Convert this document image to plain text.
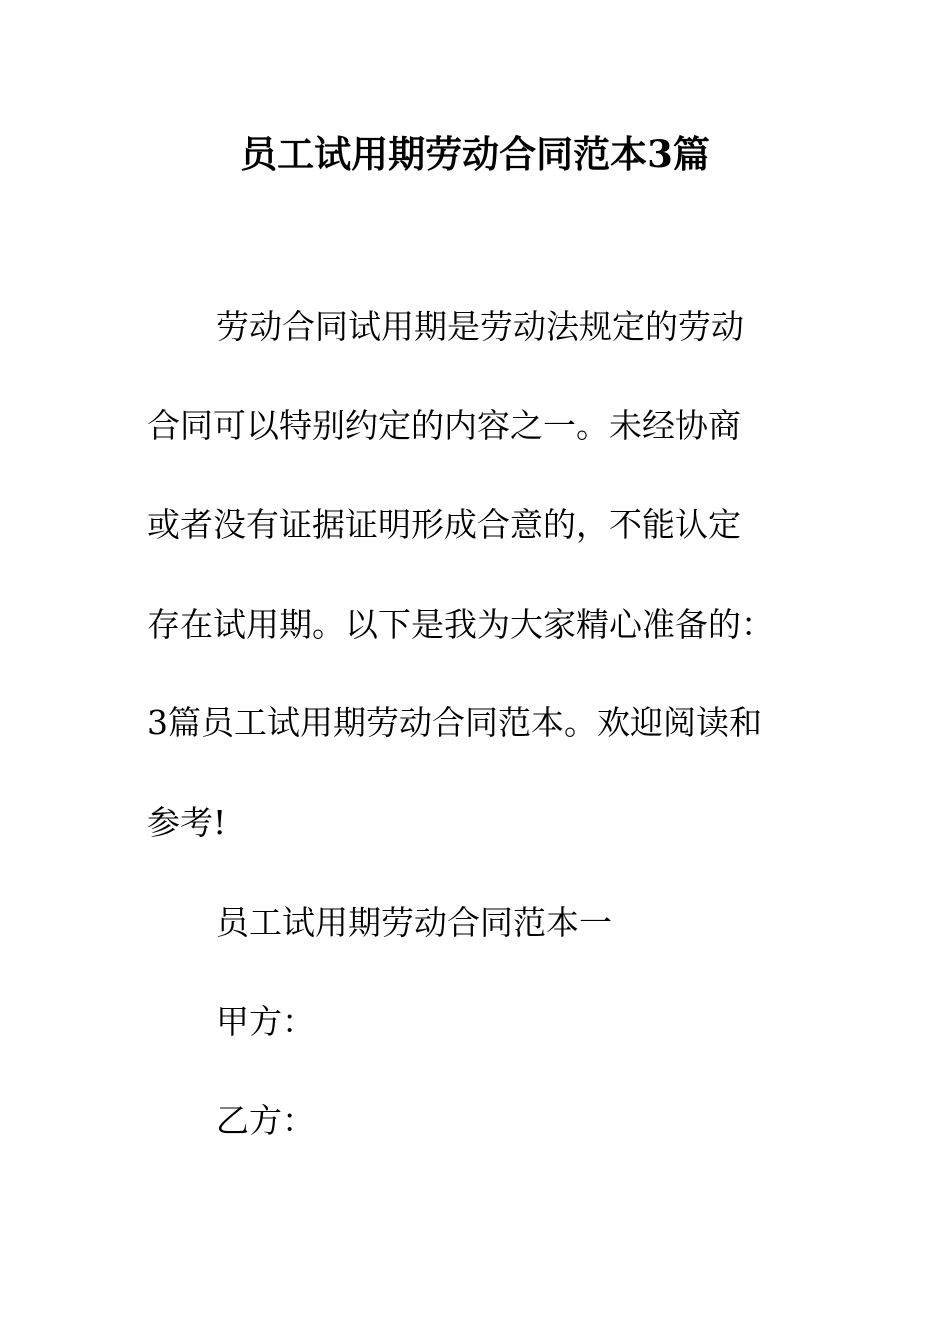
员工试用期劳动合同范本3篇
劳动合同试用期是劳动法规定的劳动
合同可以特别约定的内容之一。未经协商
或者没有证据证明形成合意的，不能认定
存在试用期。以下是我为大家精心准备的：
3篇员工试用期劳动合同范本。欢迎阅读和
参考!
员工试用期劳动合同范本一
甲方：
乙方：
